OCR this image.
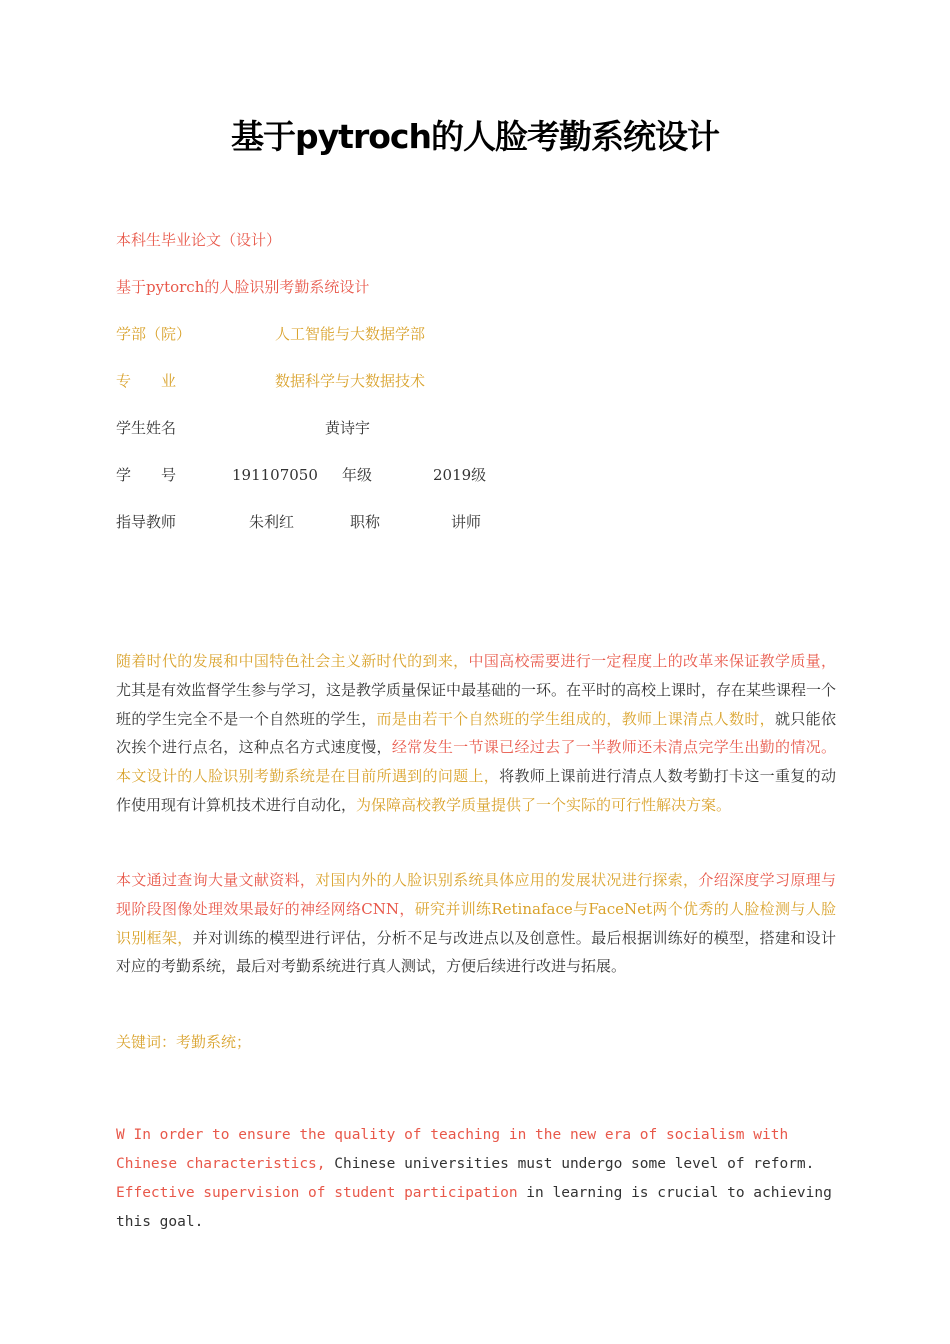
基于pytroch的人脸考勤系统设计
本科生毕业论文（设计）
基于pytorch的人脸识别考勤系统设计
学部（院）	人工智能与大数据学部
专　　业	数据科学与大数据技术
学生姓名	黄诗宇
学　　号	191107050 年级	2019级
指导教师	朱利红	职称	讲师
随着时代的发展和中国特色社会主义新时代的到来，中国高校需要进行一定程度上的改革来保证教学质量，尤其是有效监督学生参与学习，这是教学质量保证中最基础的一环。在平时的高校上课时，存在某些课程一个班的学生完全不是一个自然班的学生，而是由若干个自然班的学生组成的，教师上课清点人数时，就只能依次挨个进行点名，这种点名方式速度慢，经常发生一节课已经过去了一半教师还未清点完学生出勤的情况。本文设计的人脸识别考勤系统是在目前所遇到的问题上，将教师上课前进行清点人数考勤打卡这一重复的动作使用现有计算机技术进行自动化，为保障高校教学质量提供了一个实际的可行性解决方案。
本文通过查询大量文献资料，对国内外的人脸识别系统具体应用的发展状况进行探索，介绍深度学习原理与现阶段图像处理效果最好的神经网络CNN，研究并训练Retinaface与FaceNet两个优秀的人脸检测与人脸识别框架，并对训练的模型进行评估，分析不足与改进点以及创意性。最后根据训练好的模型，搭建和设计对应的考勤系统，最后对考勤系统进行真人测试，方便后续进行改进与拓展。
关键词：考勤系统；
W In order to ensure the quality of teaching in the new era of socialism with Chinese characteristics, Chinese universities must undergo some level of reform. Effective supervision of student participation in learning is crucial to achieving this goal.
